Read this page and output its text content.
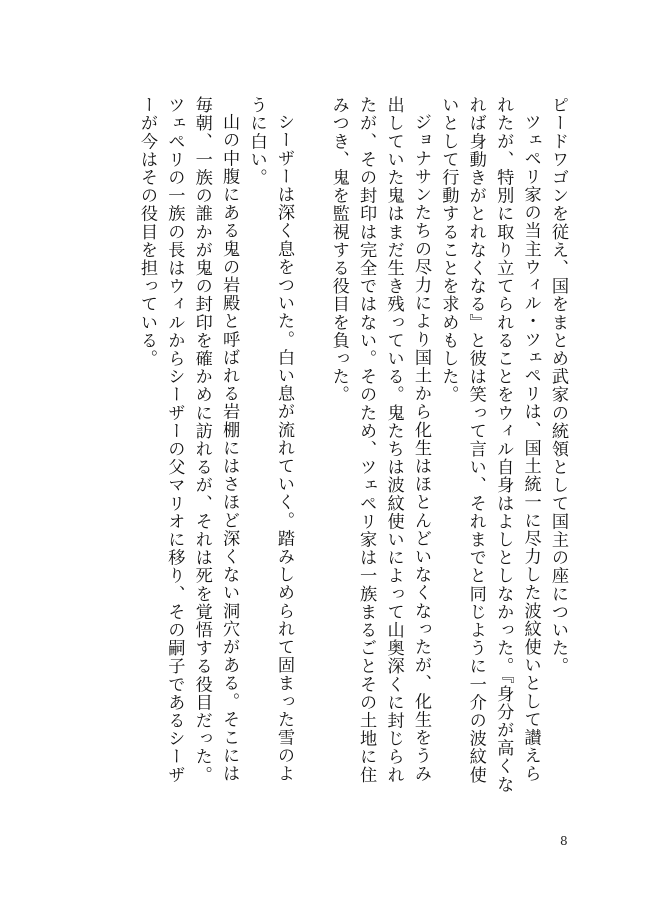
ピードワゴンを従え、国をまとめ武家の統領として国主の座についた。

ツェペリ家の当主ウィル・ツェペリは、国土統一に尽力した波紋使いとして讃えられたが、特別に取り立てられることをウィル自身はよしとしなかった。『身分が高くなれば身動きがとれなくなる』と彼は笑って言い、それまでと同じように一介の波紋使いとして行動することを求めもした。

ジョナサンたちの尽力により国土から化生はほとんどいなくなったが、化生をうみ出していた鬼はまだ生き残っている。鬼たちは波紋使いによって山奥深くに封じられたが、その封印は完全ではない。そのため、ツェペリ家は一族まるごとその土地に住みつき、鬼を監視する役目を負った。

シーザーは深く息をついた。白い息が流れていく。踏みしめられて固まった雪のように白い。

山の中腹にある鬼の岩殿と呼ばれる岩棚にはさほど深くない洞穴がある。そこには毎朝、一族の誰かが鬼の封印を確かめに訪れるが、それは死を覚悟する役目だった。ツェペリの一族の長はウィルからシーザーの父マリオに移り、その嗣子であるシーザーが今はその役目を担っている。

8
